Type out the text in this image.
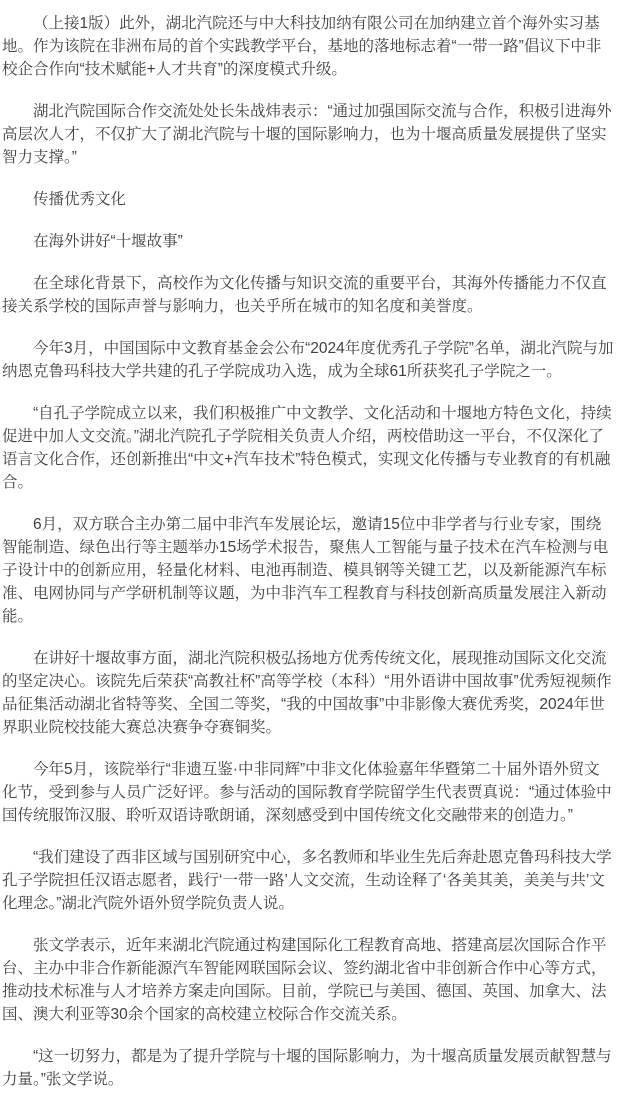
（上接1版）此外，湖北汽院还与中大科技加纳有限公司在加纳建立首个海外实习基地。作为该院在非洲布局的首个实践教学平台，基地的落地标志着“一带一路”倡议下中非校企合作向“技术赋能+人才共育”的深度模式升级。

湖北汽院国际合作交流处处长朱战炜表示：“通过加强国际交流与合作，积极引进海外高层次人才，不仅扩大了湖北汽院与十堰的国际影响力，也为十堰高质量发展提供了坚实智力支撑。”

传播优秀文化

在海外讲好“十堰故事”

在全球化背景下，高校作为文化传播与知识交流的重要平台，其海外传播能力不仅直接关系学校的国际声誉与影响力，也关乎所在城市的知名度和美誉度。

今年3月，中国国际中文教育基金会公布“2024年度优秀孔子学院”名单，湖北汽院与加纳恩克鲁玛科技大学共建的孔子学院成功入选，成为全球61所获奖孔子学院之一。

“自孔子学院成立以来，我们积极推广中文教学、文化活动和十堰地方特色文化，持续促进中加人文交流。”湖北汽院孔子学院相关负责人介绍，两校借助这一平台，不仅深化了语言文化合作，还创新推出“中文+汽车技术”特色模式，实现文化传播与专业教育的有机融合。

6月，双方联合主办第二届中非汽车发展论坛，邀请15位中非学者与行业专家，围绕智能制造、绿色出行等主题举办15场学术报告，聚焦人工智能与量子技术在汽车检测与电子设计中的创新应用，轻量化材料、电池再制造、模具钢等关键工艺，以及新能源汽车标准、电网协同与产学研机制等议题，为中非汽车工程教育与科技创新高质量发展注入新动能。

在讲好十堰故事方面，湖北汽院积极弘扬地方优秀传统文化，展现推动国际文化交流的坚定决心。该院先后荣获“高教社杯”高等学校（本科）“用外语讲中国故事”优秀短视频作品征集活动湖北省特等奖、全国二等奖，“我的中国故事”中非影像大赛优秀奖，2024年世界职业院校技能大赛总决赛争夺赛铜奖。

今年5月，该院举行“非遗互鉴·中非同辉”中非文化体验嘉年华暨第二十届外语外贸文化节，受到参与人员广泛好评。参与活动的国际教育学院留学生代表贾真说：“通过体验中国传统服饰汉服、聆听双语诗歌朗诵，深刻感受到中国传统文化交融带来的创造力。”

“我们建设了西非区域与国别研究中心，多名教师和毕业生先后奔赴恩克鲁玛科技大学孔子学院担任汉语志愿者，践行‘一带一路’人文交流，生动诠释了‘各美其美，美美与共’文化理念。”湖北汽院外语外贸学院负责人说。

张文学表示，近年来湖北汽院通过构建国际化工程教育高地、搭建高层次国际合作平台、主办中非合作新能源汽车智能网联国际会议、签约湖北省中非创新合作中心等方式，推动技术标准与人才培养方案走向国际。目前，学院已与美国、德国、英国、加拿大、法国、澳大利亚等30余个国家的高校建立校际合作交流关系。

“这一切努力，都是为了提升学院与十堰的国际影响力，为十堰高质量发展贡献智慧与力量。”张文学说。
